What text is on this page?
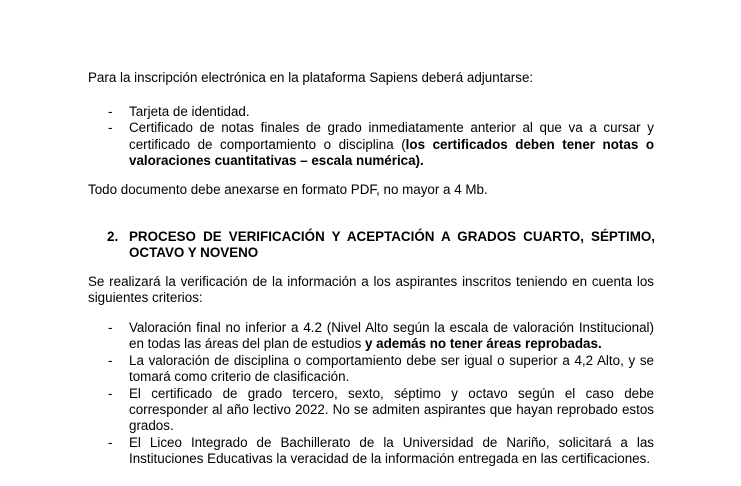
Para la inscripción electrónica en la plataforma Sapiens deberá adjuntarse:
- Tarjeta de identidad.
- Certificado de notas finales de grado inmediatamente anterior al que va a cursar y certificado de comportamiento o disciplina (los certificados deben tener notas o valoraciones cuantitativas – escala numérica).
Todo documento debe anexarse en formato PDF, no mayor a 4 Mb.
2. PROCESO DE VERIFICACIÓN Y ACEPTACIÓN A GRADOS CUARTO, SÉPTIMO, OCTAVO Y NOVENO
Se realizará la verificación de la información a los aspirantes inscritos teniendo en cuenta los siguientes criterios:
- Valoración final no inferior a 4.2 (Nivel Alto según la escala de valoración Institucional) en todas las áreas del plan de estudios y además no tener áreas reprobadas.
- La valoración de disciplina o comportamiento debe ser igual o superior a 4,2 Alto, y se tomará como criterio de clasificación.
- El certificado de grado tercero, sexto, séptimo y octavo según el caso debe corresponder al año lectivo 2022. No se admiten aspirantes que hayan reprobado estos grados.
- El Liceo Integrado de Bachillerato de la Universidad de Nariño, solicitará a las Instituciones Educativas la veracidad de la información entregada en las certificaciones.
